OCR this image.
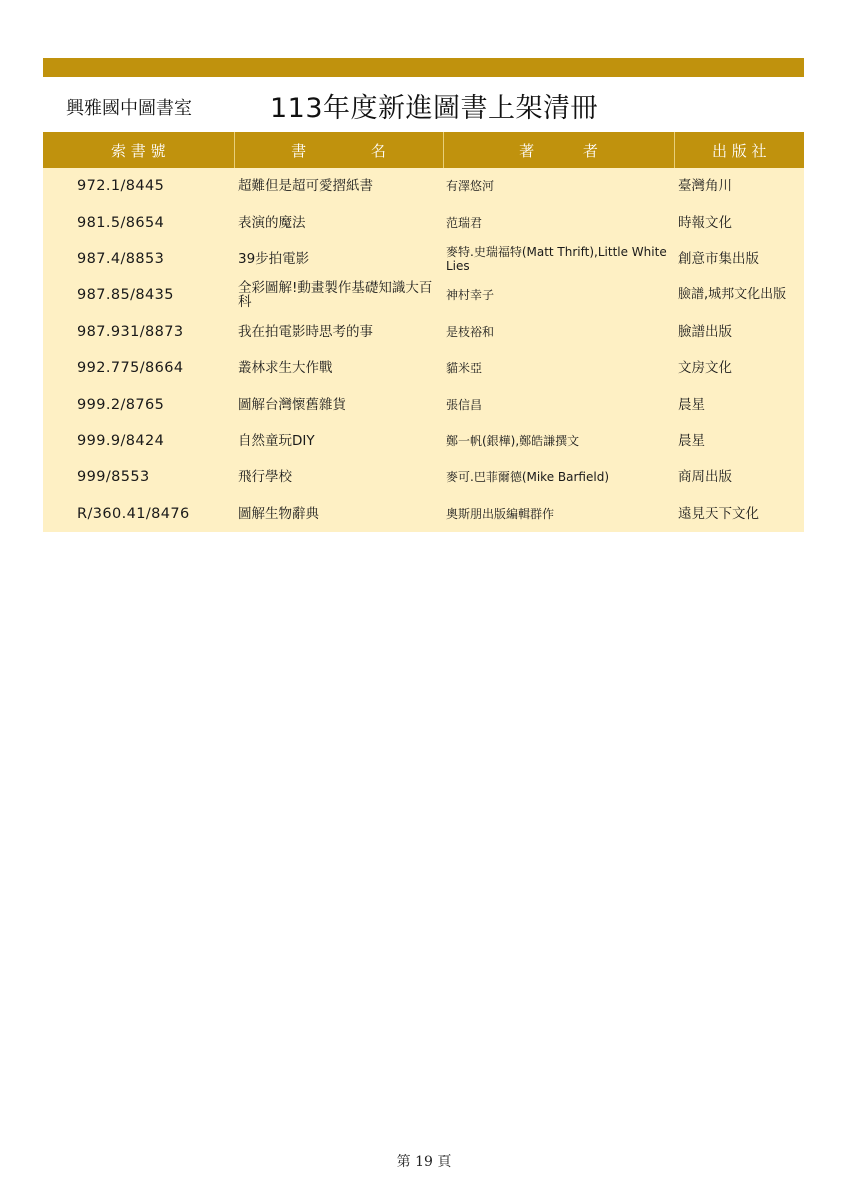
興雅國中圖書室	113年度新進圖書上架清冊
索 書 號	書 名	著 者	出 版 社
972.1/8445	超難但是超可愛摺紙書	有澤悠河	臺灣角川
981.5/8654	表演的魔法	范瑞君	時報文化
987.4/8853	39步拍電影	麥特.史瑞福特(Matt Thrift),Little White Lies	創意市集出版
987.85/8435	全彩圖解!動畫製作基礎知識大百科	神村幸子	臉譜,城邦文化出版
987.931/8873	我在拍電影時思考的事	是枝裕和	臉譜出版
992.775/8664	叢林求生大作戰	貓米亞	文房文化
999.2/8765	圖解台灣懷舊雜貨	張信昌	晨星
999.9/8424	自然童玩DIY	鄭一帆(銀樺),鄭皓謙撰文	晨星
999/8553	飛行學校	麥可.巴菲爾德(Mike Barfield)	商周出版
R/360.41/8476	圖解生物辭典	奧斯朋出版編輯群作	遠見天下文化
第 19 頁
